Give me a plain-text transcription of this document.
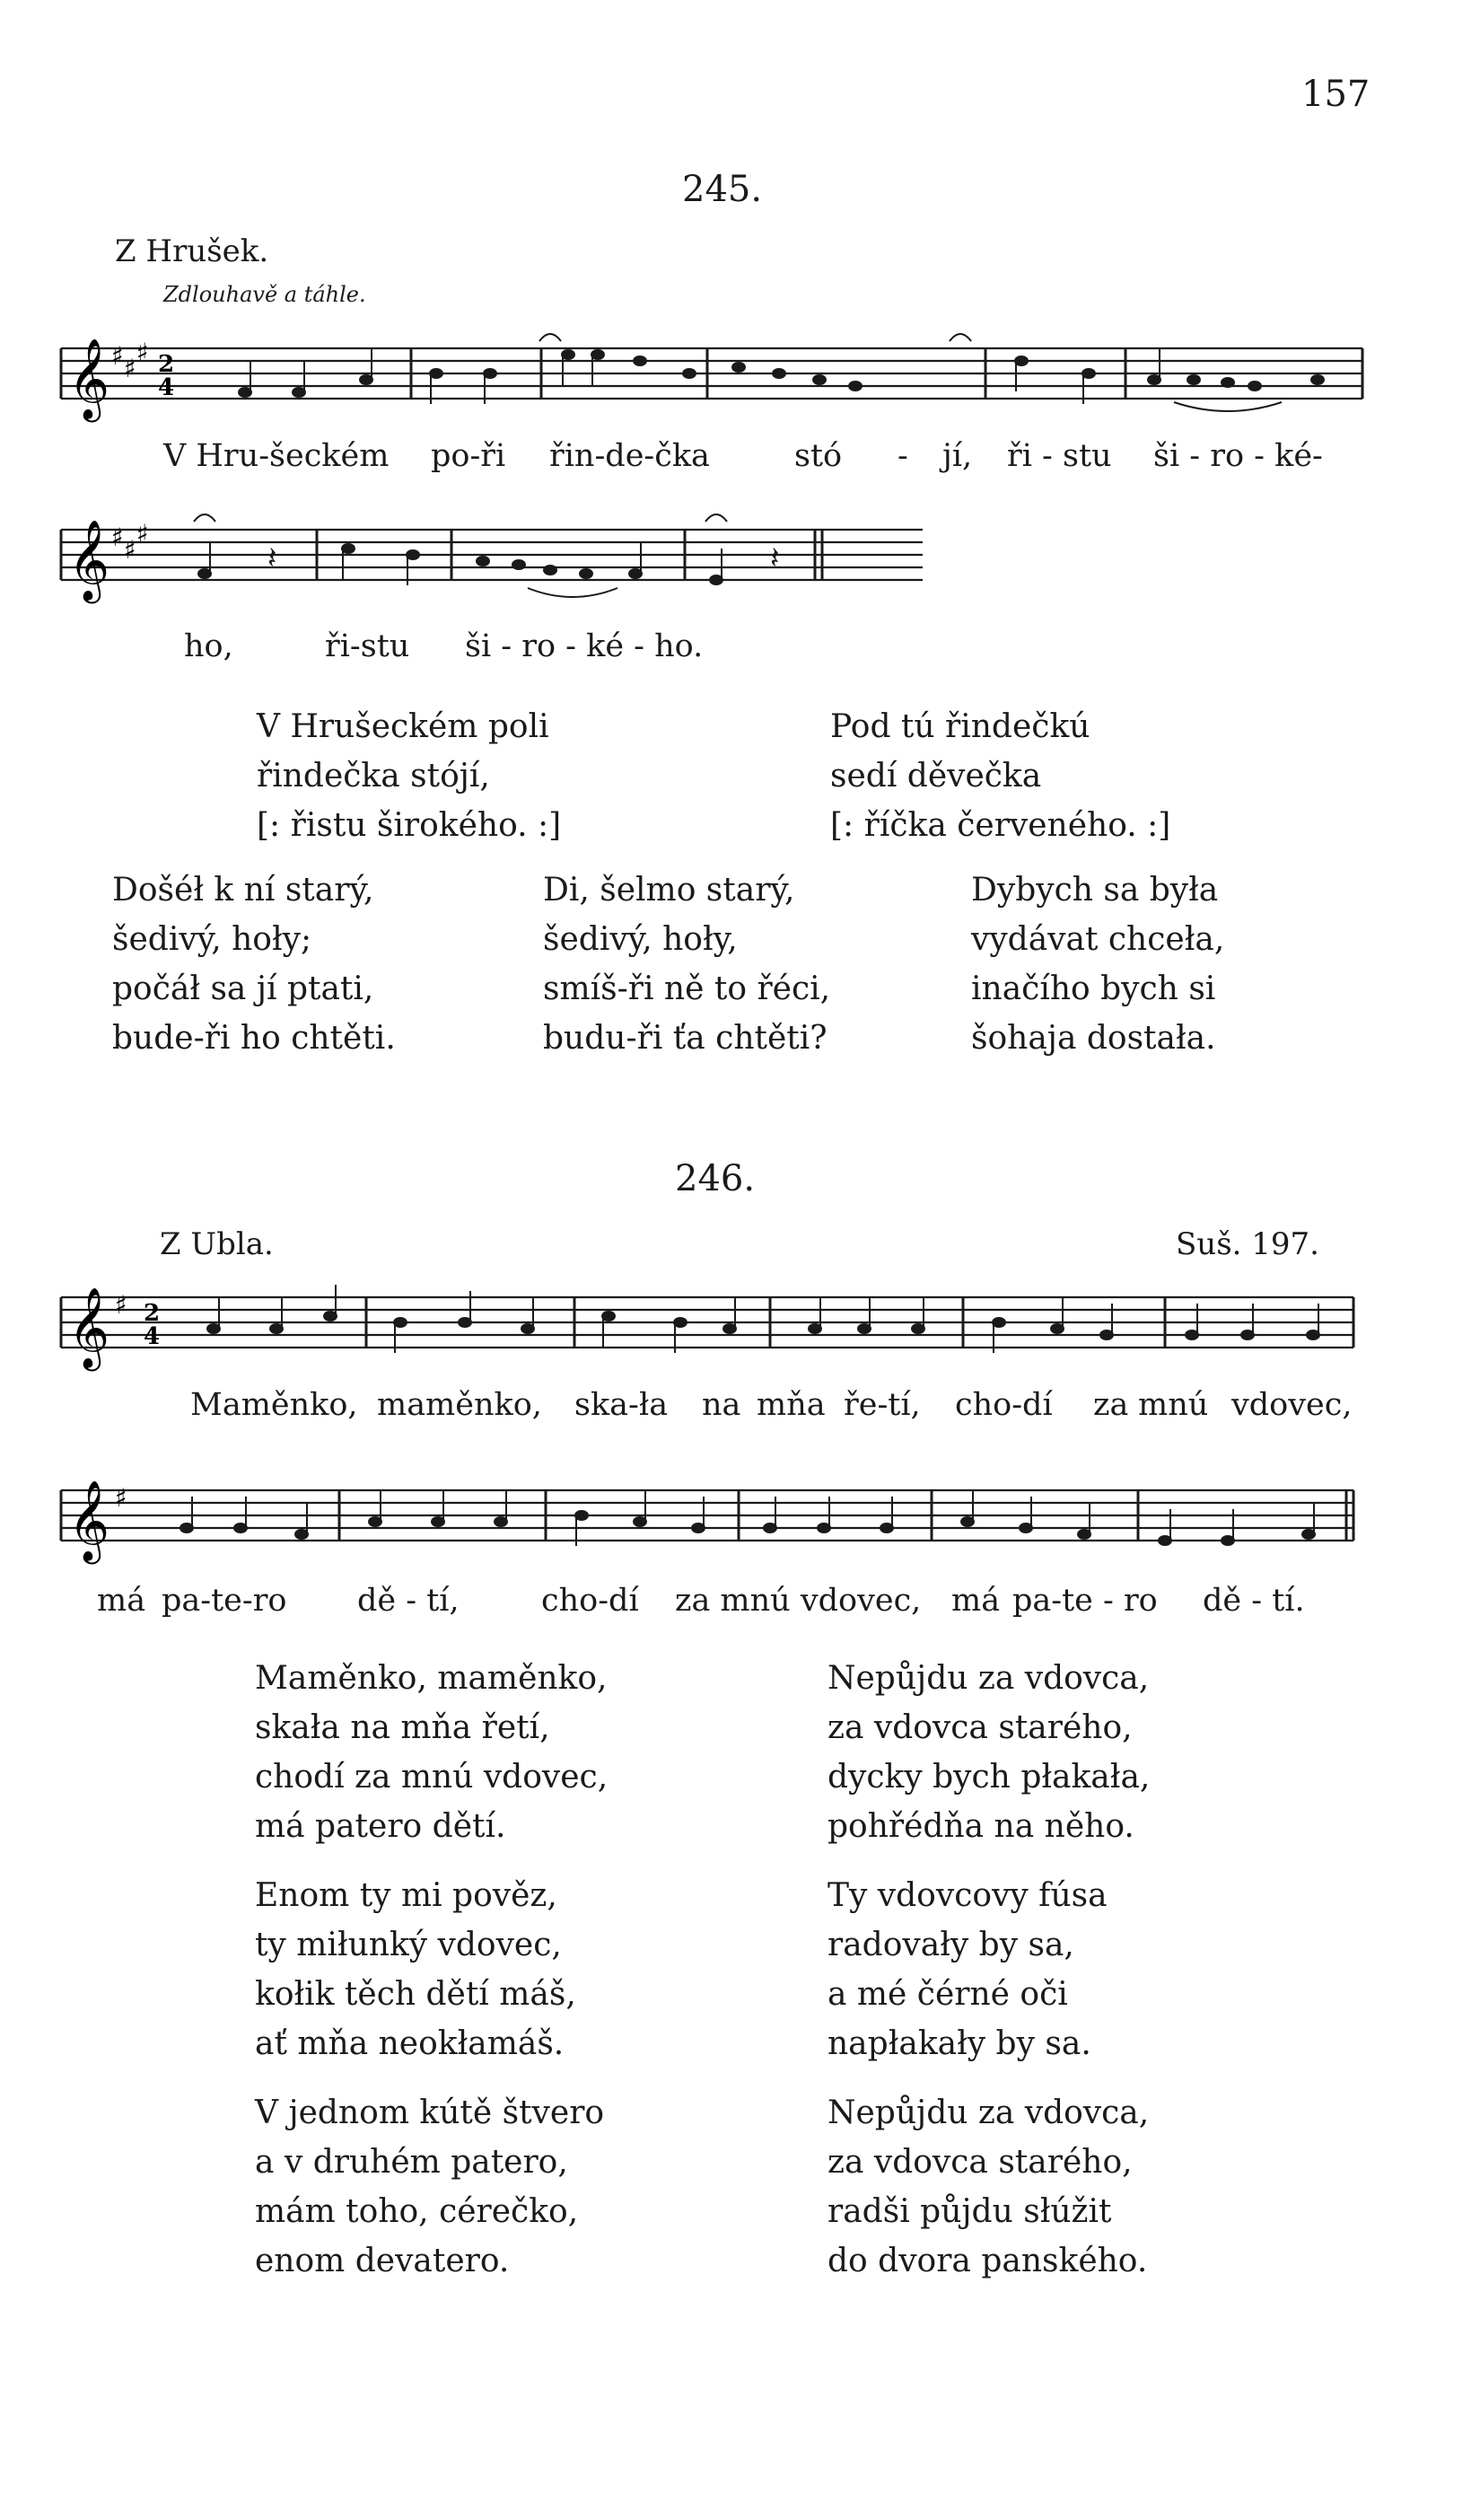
157
245.
Z Hrušek.
Zdlouhavě a táhle.
𝄞 ♯ ♯
♯ 2
4
V Hru-šeckém po-ři řin-de-čka	stó - jí, ři - stu ši - ro - ké-
𝄞 ♯ ♯
♯
𝄽	𝄽
ho,	ři-stu ši - ro - ké - ho.
V Hrušeckém poli
řindečka stójí,
[: řistu širokého. :]
Pod tú řindečkú
sedí děvečka
[: říčka červeného. :]
Došéł k ní starý,
šedivý, hoły;
počáł sa jí ptati,
bude-ři ho chtěti.
Di, šelmo starý,
šedivý, hoły,
smíš-ři ně to řéci,
budu-ři ťa chtěti?
Dybych sa była
vydávat chceła,
inačího bych si
šohaja dostała.
246.
Z Ubla.	Suš. 197.
𝄞 ♯ 2
4
Maměnko, maměnko, ska-ła na mňa ře-tí, cho-dí za mnú vdovec,
𝄞 ♯
má pa-te-ro dě - tí,	cho-dí za mnú vdovec, má pa-te - ro dě - tí.
Maměnko, maměnko,
skała na mňa řetí,
chodí za mnú vdovec,
má patero dětí.
Nepůjdu za vdovca,
za vdovca starého,
dycky bych płakała,
pohřédňa na něho.
Enom ty mi pověz,
ty miłunký vdovec,
kołik těch dětí máš,
ať mňa neokłamáš.
Ty vdovcovy fúsa
radovały by sa,
a mé čérné oči
napłakały by sa.
V jednom kútě štvero
a v druhém patero,
mám toho, cérečko,
enom devatero.
Nepůjdu za vdovca,
za vdovca starého,
radši půjdu słúžit
do dvora panského.
